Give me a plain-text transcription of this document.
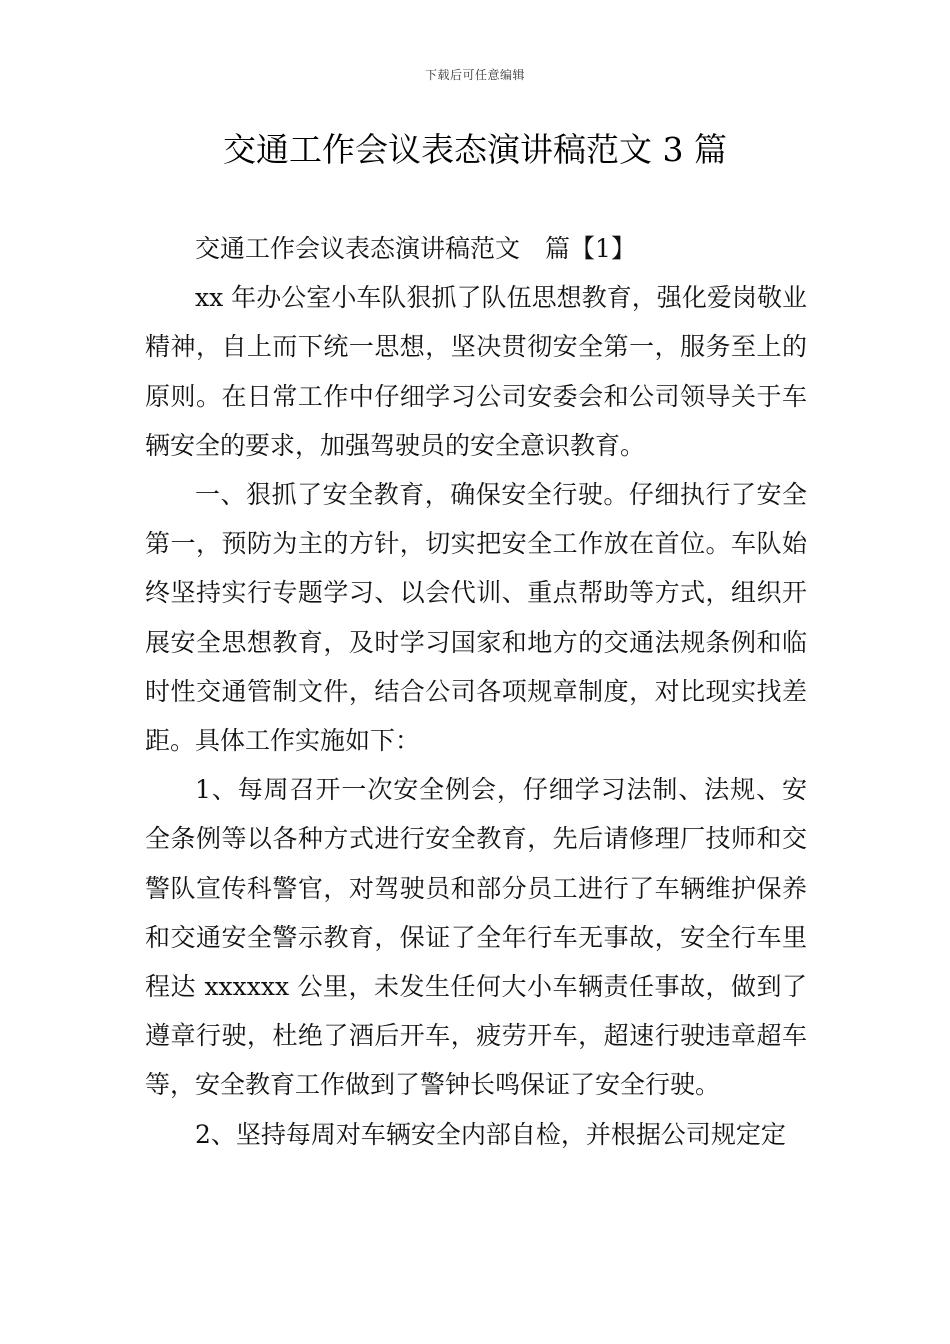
下载后可任意编辑
交通工作会议表态演讲稿范文 3 篇

交通工作会议表态演讲稿范文　篇【1】

xx 年办公室小车队狠抓了队伍思想教育，强化爱岗敬业精神，自上而下统一思想，坚决贯彻安全第一，服务至上的原则。在日常工作中仔细学习公司安委会和公司领导关于车辆安全的要求，加强驾驶员的安全意识教育。

一、狠抓了安全教育，确保安全行驶。仔细执行了安全第一，预防为主的方针，切实把安全工作放在首位。车队始终坚持实行专题学习、以会代训、重点帮助等方式，组织开展安全思想教育，及时学习国家和地方的交通法规条例和临时性交通管制文件，结合公司各项规章制度，对比现实找差距。具体工作实施如下：

1、每周召开一次安全例会，仔细学习法制、法规、安全条例等以各种方式进行安全教育，先后请修理厂技师和交警队宣传科警官，对驾驶员和部分员工进行了车辆维护保养和交通安全警示教育，保证了全年行车无事故，安全行车里程达 xxxxxx 公里，未发生任何大小车辆责任事故，做到了遵章行驶，杜绝了酒后开车，疲劳开车，超速行驶违章超车等，安全教育工作做到了警钟长鸣保证了安全行驶。

2、坚持每周对车辆安全内部自检，并根据公司规定定
